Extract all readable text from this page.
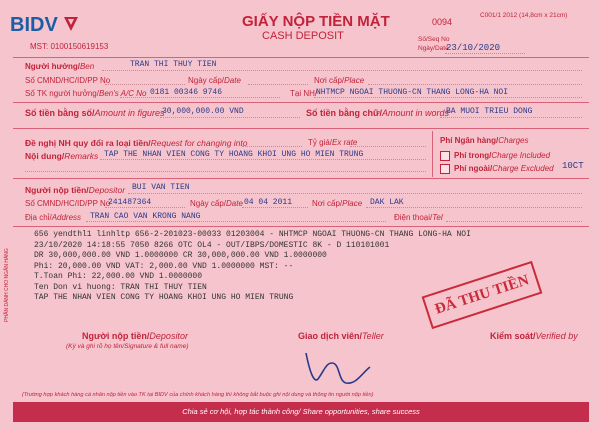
BIDV	GIẤY NỘP TIỀN MẶT
CASH DEPOSIT
0094
C001/1 2012 (14,8cm x 21cm)
MST: 0100150619153
Số/Seq No
Ngày/Date
23/10/2020
Người hưởng/Ben	TRAN THI THUY TIEN
Số CMND/HC/ID/PP No	Ngày cấp/Date	Nơi cấp/Place
Số TK người hưởng/Ben's A/C No 0181 00346 9746	Tại NH/
NHTMCP NGOAI THUONG-CN THANG LONG-HA NOI
Số tiền bằng số/Amount in figures
30,000,000.00 VND	Số tiền bằng chữ/Amount in words
BA MUOI TRIEU DONG
Đề nghị NH quy đổi ra loại tiền/Request for changing into	Tỷ giá/Ex rate
Nội dung/Remarks TAP THE NHAN VIEN CONG TY HOANG KHOI UNG HO MIEN TRUNG
Phí Ngân hàng/Charges
Phí trong/Charge Included
Phí ngoài/Charge Excluded 10CT
Người nộp tiền/Depositor BUI VAN TIEN
Số CMND/HC/ID/PP No
241487364	Ngày cấp/Date 04 04 2011 Nơi cấp/Place DAK LAK
Địa chỉ/Address TRAN CAO VAN KRONG NANG	Điện thoại/Tel
PHẦN DÀNH CHO NGÂN HÀNG
656 yendthl1 linhltp 656-2-201023-00033 01203004 - NHTMCP NGOAI THUONG-CN THANG LONG-HA NOI
23/10/2020 14:18:55 7050 8266 OTC OL4 - OUT/IBPS/DOMESTIC 8K - D 110101001
DR 30,000,000.00 VND 1.0000000 CR 30,000,000.00 VND 1.0000000
Phi: 20,000.00 VND VAT: 2,000.00 VND 1.0000000 MST: --
T.Toan Phi: 22,000.00 VND 1.0000000
Ten Don vi huong: TRAN THI THUY TIEN
TAP THE NHAN VIEN CONG TY HOANG KHOI UNG HO MIEN TRUNG	ĐÃ THU TIỀN
Người nộp tiền/Depositor
(Ký và ghi rõ họ tên/Signature & full name)
Giao dịch viên/Teller	Kiểm soát/Verified by
(Trường hợp khách hàng cá nhân nộp tiền vào TK tại BIDV của chính khách hàng thì không bắt buộc ghi nội dung và thông tin người nộp tiền)
Chia sẻ cơ hội, hợp tác thành công/ Share opportunities, share success
